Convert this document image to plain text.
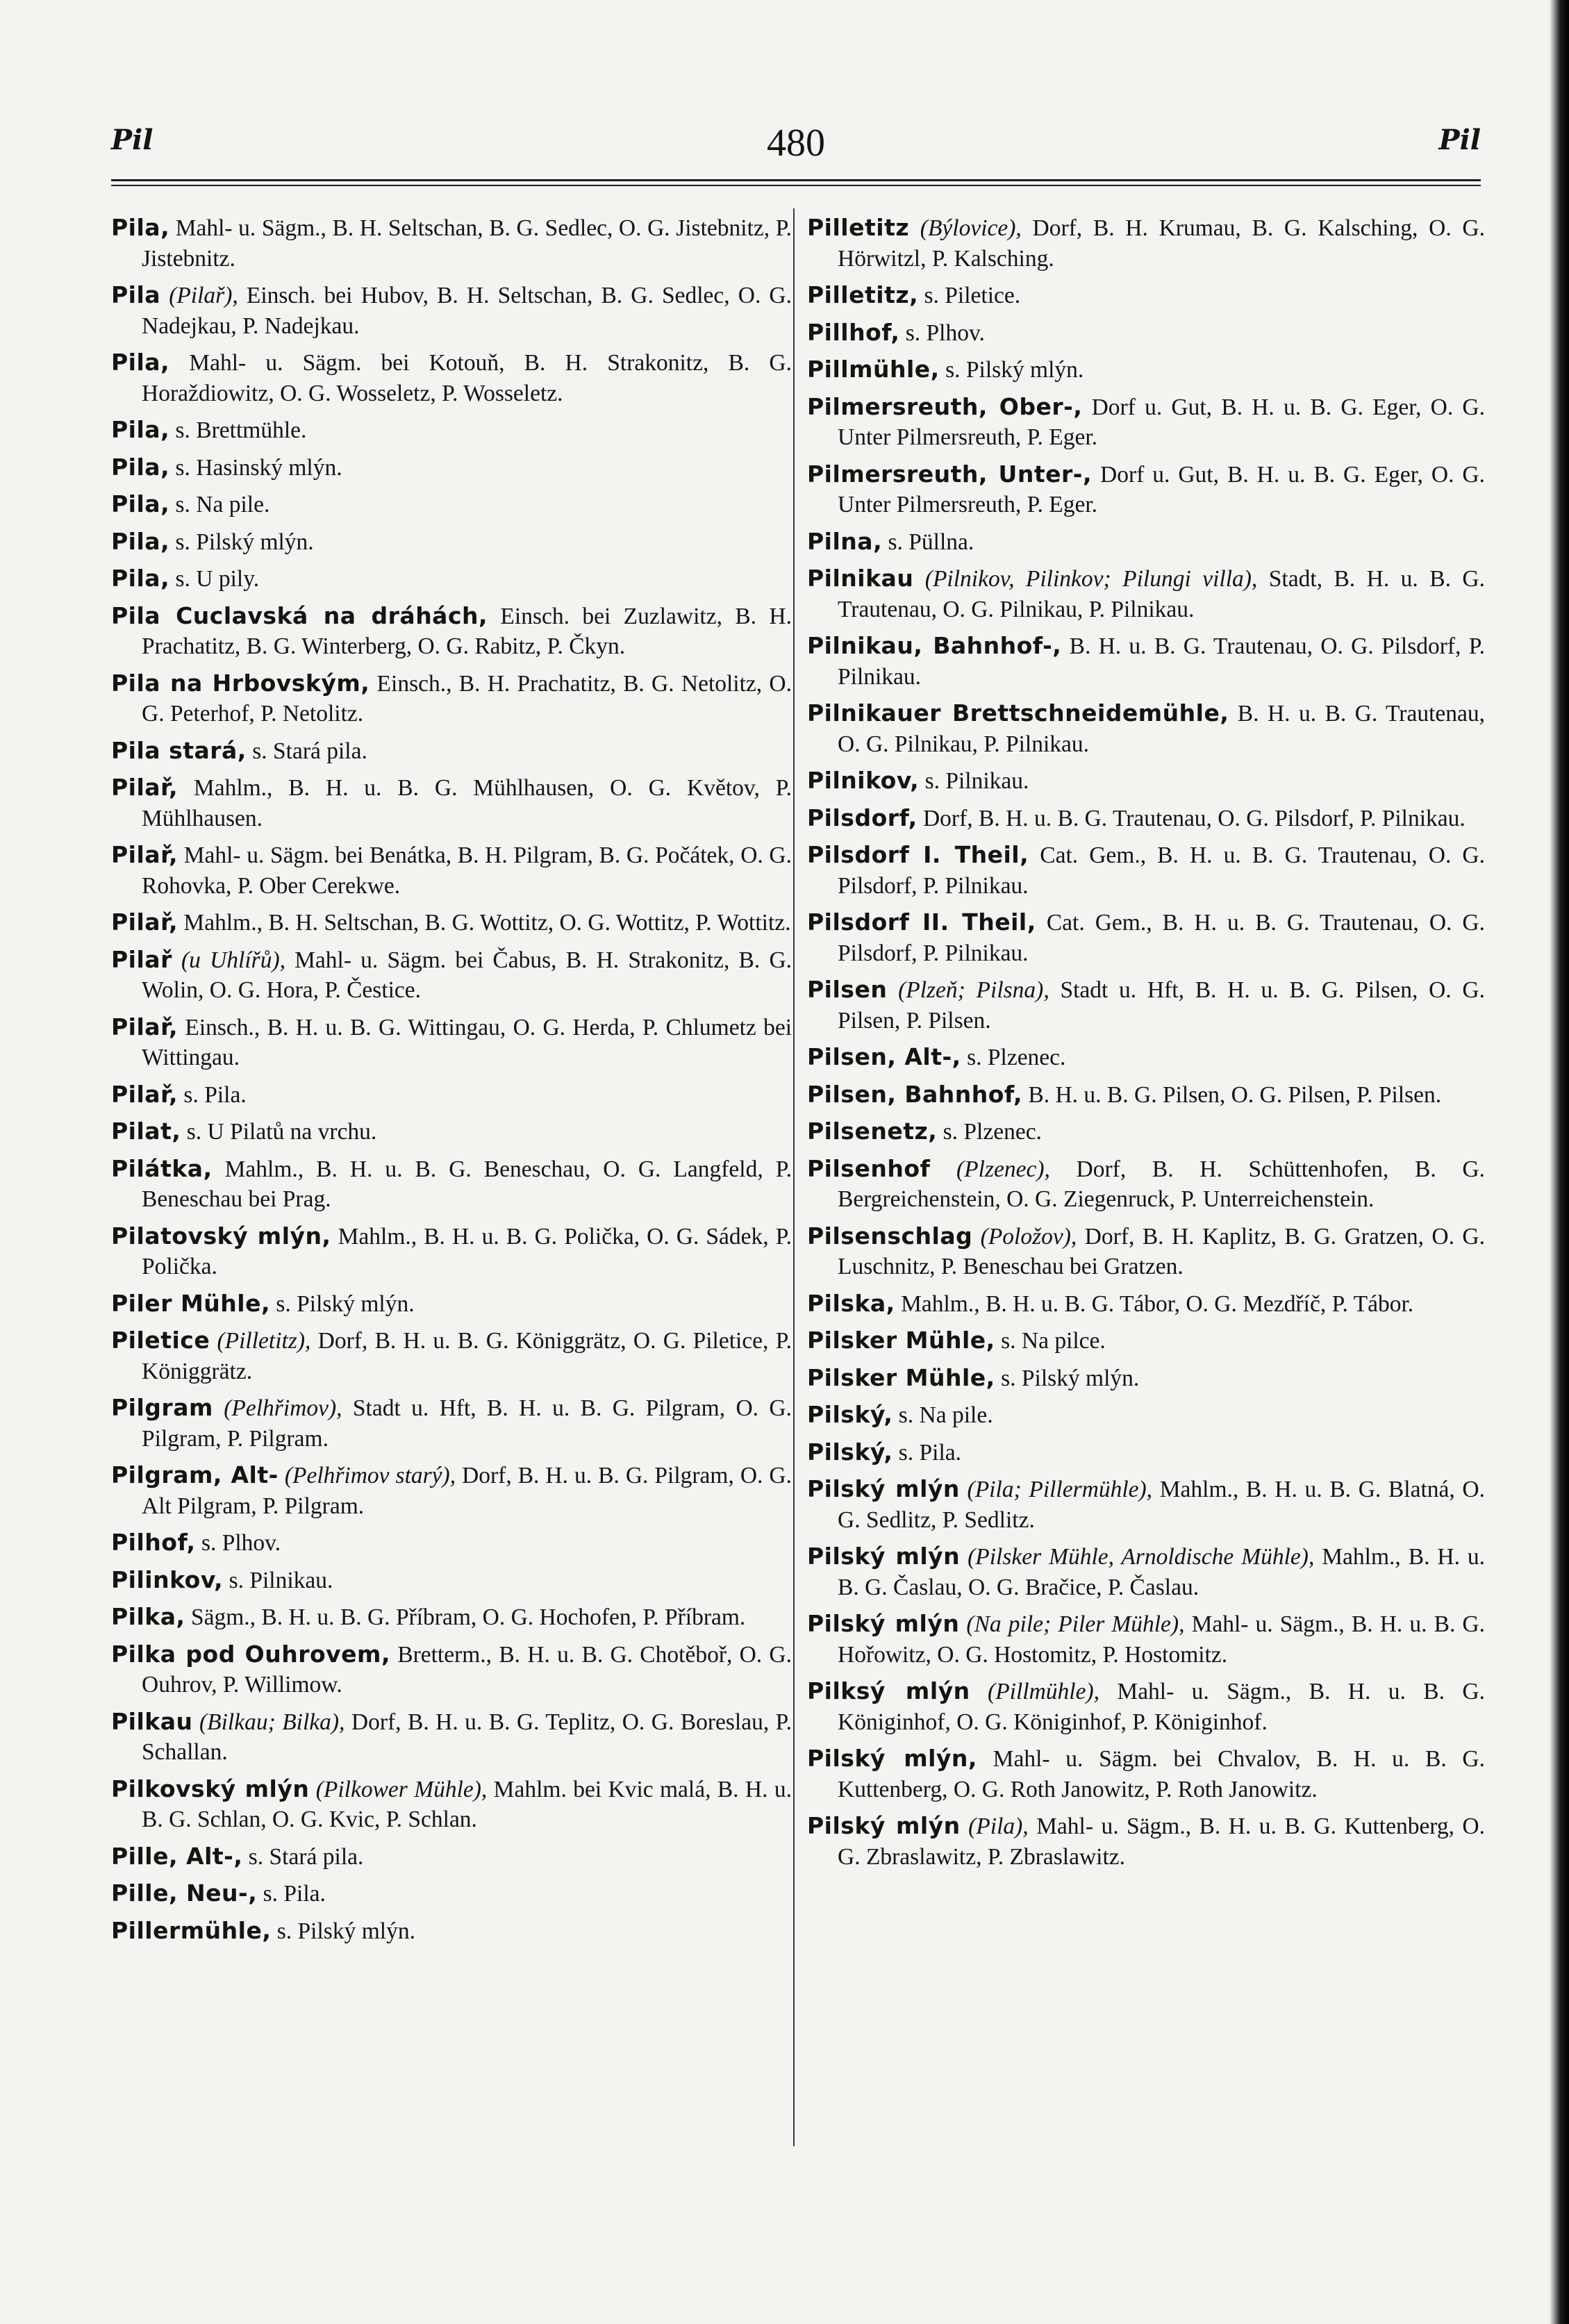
Pil	480	Pil
Pila, Mahl- u. Sägm., B. H. Seltschan, B. G. Sedlec, O. G. Jistebnitz, P. Jistebnitz.
Pila (Pilař), Einsch. bei Hubov, B. H. Seltschan, B. G. Sedlec, O. G. Nadejkau, P. Nadejkau.
Pila, Mahl- u. Sägm. bei Kotouň, B. H. Strakonitz, B. G. Horaždiowitz, O. G. Wosseletz, P. Wosseletz.
Pila, s. Brettmühle.
Pila, s. Hasinský mlýn.
Pila, s. Na pile.
Pila, s. Pilský mlýn.
Pila, s. U pily.
Pila Cuclavská na dráhách, Einsch. bei Zuzlawitz, B. H. Prachatitz, B. G. Winterberg, O. G. Rabitz, P. Čkyn.
Pila na Hrbovským, Einsch., B. H. Prachatitz, B. G. Netolitz, O. G. Peterhof, P. Netolitz.
Pila stará, s. Stará pila.
Pilař, Mahlm., B. H. u. B. G. Mühlhausen, O. G. Květov, P. Mühlhausen.
Pilař, Mahl- u. Sägm. bei Benátka, B. H. Pilgram, B. G. Počátek, O. G. Rohovka, P. Ober Cerekwe.
Pilař, Mahlm., B. H. Seltschan, B. G. Wottitz, O. G. Wottitz, P. Wottitz.
Pilař (u Uhlířů), Mahl- u. Sägm. bei Čabus, B. H. Strakonitz, B. G. Wolin, O. G. Hora, P. Čestice.
Pilař, Einsch., B. H. u. B. G. Wittingau, O. G. Herda, P. Chlumetz bei Wittingau.
Pilař, s. Pila.
Pilat, s. U Pilatů na vrchu.
Pilátka, Mahlm., B. H. u. B. G. Beneschau, O. G. Langfeld, P. Beneschau bei Prag.
Pilatovský mlýn, Mahlm., B. H. u. B. G. Polička, O. G. Sádek, P. Polička.
Piler Mühle, s. Pilský mlýn.
Piletice (Pilletitz), Dorf, B. H. u. B. G. Königgrätz, O. G. Piletice, P. Königgrätz.
Pilgram (Pelhřimov), Stadt u. Hft, B. H. u. B. G. Pilgram, O. G. Pilgram, P. Pilgram.
Pilgram, Alt- (Pelhřimov starý), Dorf, B. H. u. B. G. Pilgram, O. G. Alt Pilgram, P. Pilgram.
Pilhof, s. Plhov.
Pilinkov, s. Pilnikau.
Pilka, Sägm., B. H. u. B. G. Příbram, O. G. Hochofen, P. Příbram.
Pilka pod Ouhrovem, Bretterm., B. H. u. B. G. Chotěboř, O. G. Ouhrov, P. Willimow.
Pilkau (Bilkau; Bilka), Dorf, B. H. u. B. G. Teplitz, O. G. Boreslau, P. Schallan.
Pilkovský mlýn (Pilkower Mühle), Mahlm. bei Kvic malá, B. H. u. B. G. Schlan, O. G. Kvic, P. Schlan.
Pille, Alt-, s. Stará pila.
Pille, Neu-, s. Pila.
Pillermühle, s. Pilský mlýn.
Pilletitz (Býlovice), Dorf, B. H. Krumau, B. G. Kalsching, O. G. Hörwitzl, P. Kalsching.
Pilletitz, s. Piletice.
Pillhof, s. Plhov.
Pillmühle, s. Pilský mlýn.
Pilmersreuth, Ober-, Dorf u. Gut, B. H. u. B. G. Eger, O. G. Unter Pilmersreuth, P. Eger.
Pilmersreuth, Unter-, Dorf u. Gut, B. H. u. B. G. Eger, O. G. Unter Pilmersreuth, P. Eger.
Pilna, s. Püllna.
Pilnikau (Pilnikov, Pilinkov; Pilungi villa), Stadt, B. H. u. B. G. Trautenau, O. G. Pilnikau, P. Pilnikau.
Pilnikau, Bahnhof-, B. H. u. B. G. Trautenau, O. G. Pilsdorf, P. Pilnikau.
Pilnikauer Brettschneidemühle, B. H. u. B. G. Trautenau, O. G. Pilnikau, P. Pilnikau.
Pilnikov, s. Pilnikau.
Pilsdorf, Dorf, B. H. u. B. G. Trautenau, O. G. Pilsdorf, P. Pilnikau.
Pilsdorf I. Theil, Cat. Gem., B. H. u. B. G. Trautenau, O. G. Pilsdorf, P. Pilnikau.
Pilsdorf II. Theil, Cat. Gem., B. H. u. B. G. Trautenau, O. G. Pilsdorf, P. Pilnikau.
Pilsen (Plzeň; Pilsna), Stadt u. Hft, B. H. u. B. G. Pilsen, O. G. Pilsen, P. Pilsen.
Pilsen, Alt-, s. Plzenec.
Pilsen, Bahnhof, B. H. u. B. G. Pilsen, O. G. Pilsen, P. Pilsen.
Pilsenetz, s. Plzenec.
Pilsenhof (Plzenec), Dorf, B. H. Schüttenhofen, B. G. Bergreichenstein, O. G. Ziegenruck, P. Unterreichenstein.
Pilsenschlag (Položov), Dorf, B. H. Kaplitz, B. G. Gratzen, O. G. Luschnitz, P. Beneschau bei Gratzen.
Pilska, Mahlm., B. H. u. B. G. Tábor, O. G. Mezdříč, P. Tábor.
Pilsker Mühle, s. Na pilce.
Pilsker Mühle, s. Pilský mlýn.
Pilský, s. Na pile.
Pilský, s. Pila.
Pilský mlýn (Pila; Pillermühle), Mahlm., B. H. u. B. G. Blatná, O. G. Sedlitz, P. Sedlitz.
Pilský mlýn (Pilsker Mühle, Arnoldische Mühle), Mahlm., B. H. u. B. G. Časlau, O. G. Bračice, P. Časlau.
Pilský mlýn (Na pile; Piler Mühle), Mahl- u. Sägm., B. H. u. B. G. Hořowitz, O. G. Hostomitz, P. Hostomitz.
Pilksý mlýn (Pillmühle), Mahl- u. Sägm., B. H. u. B. G. Königinhof, O. G. Königinhof, P. Königinhof.
Pilský mlýn, Mahl- u. Sägm. bei Chvalov, B. H. u. B. G. Kuttenberg, O. G. Roth Janowitz, P. Roth Janowitz.
Pilský mlýn (Pila), Mahl- u. Sägm., B. H. u. B. G. Kuttenberg, O. G. Zbraslawitz, P. Zbraslawitz.
